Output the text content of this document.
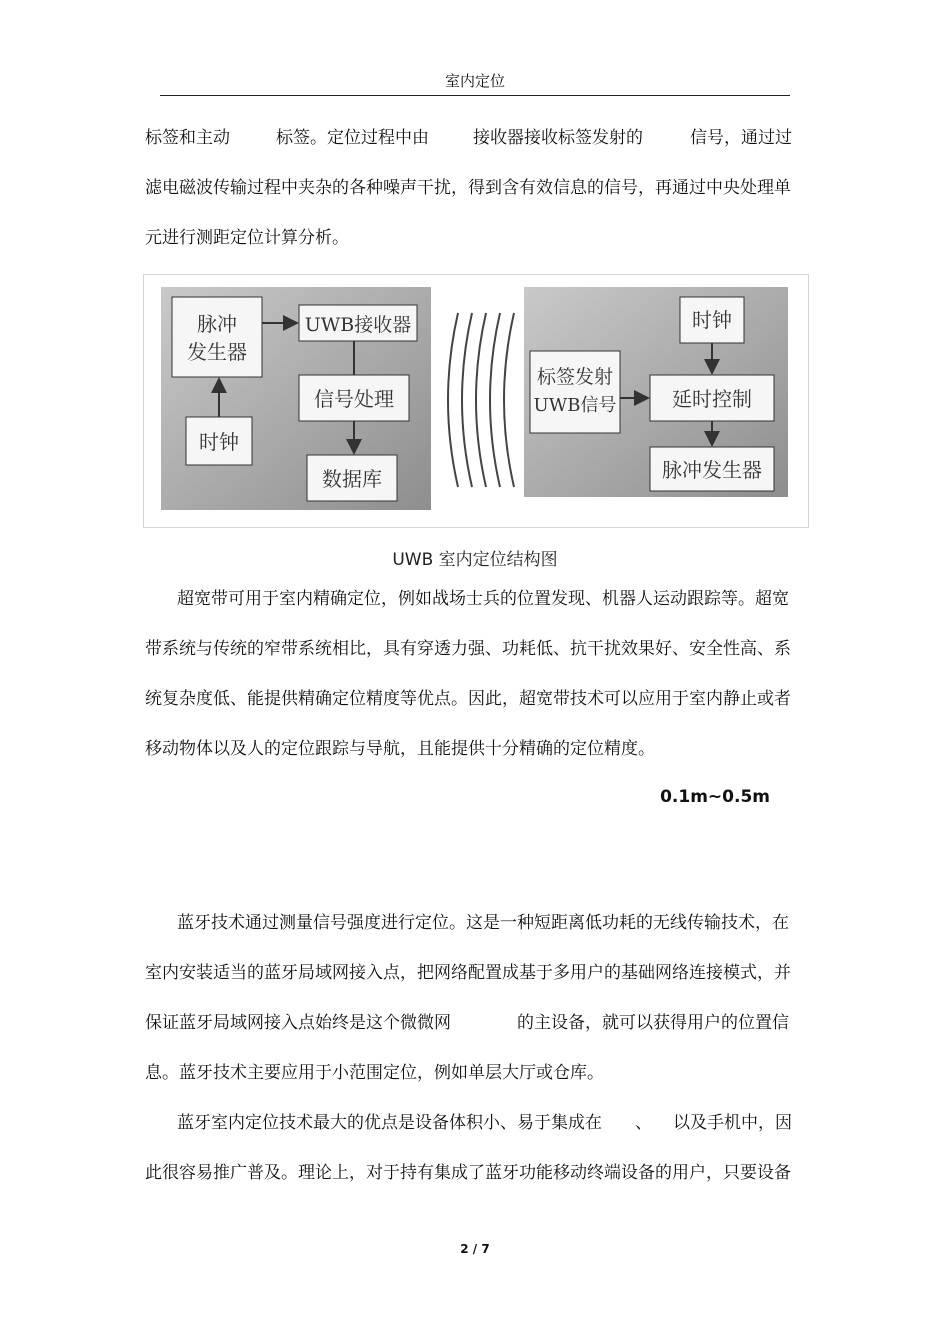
室内定位
标签和主动	标签。定位过程中由	接收器接收标签发射的	信号，通过过
滤电磁波传输过程中夹杂的各种噪声干扰，得到含有效信息的信号，再通过中央处理单
元进行测距定位计算分析。
脉冲
发生器
UWB接收器
信号处理
时钟
数据库
时钟
标签发射
UWB信号	延时控制
脉冲发生器
UWB 室内定位结构图
超宽带可用于室内精确定位，例如战场士兵的位置发现、机器人运动跟踪等。超宽
带系统与传统的窄带系统相比，具有穿透力强、功耗低、抗干扰效果好、安全性高、系
统复杂度低、能提供精确定位精度等优点。因此，超宽带技术可以应用于室内静止或者
移动物体以及人的定位跟踪与导航，且能提供十分精确的定位精度。
0.1m~0.5m
蓝牙技术通过测量信号强度进行定位。这是一种短距离低功耗的无线传输技术，在
室内安装适当的蓝牙局域网接入点，把网络配置成基于多用户的基础网络连接模式，并
保证蓝牙局域网接入点始终是这个微微网	的主设备，就可以获得用户的位置信
息。蓝牙技术主要应用于小范围定位，例如单层大厅或仓库。
蓝牙室内定位技术最大的优点是设备体积小、易于集成在 、 以及手机中，因
此很容易推广普及。理论上，对于持有集成了蓝牙功能移动终端设备的用户，只要设备
2 / 7
